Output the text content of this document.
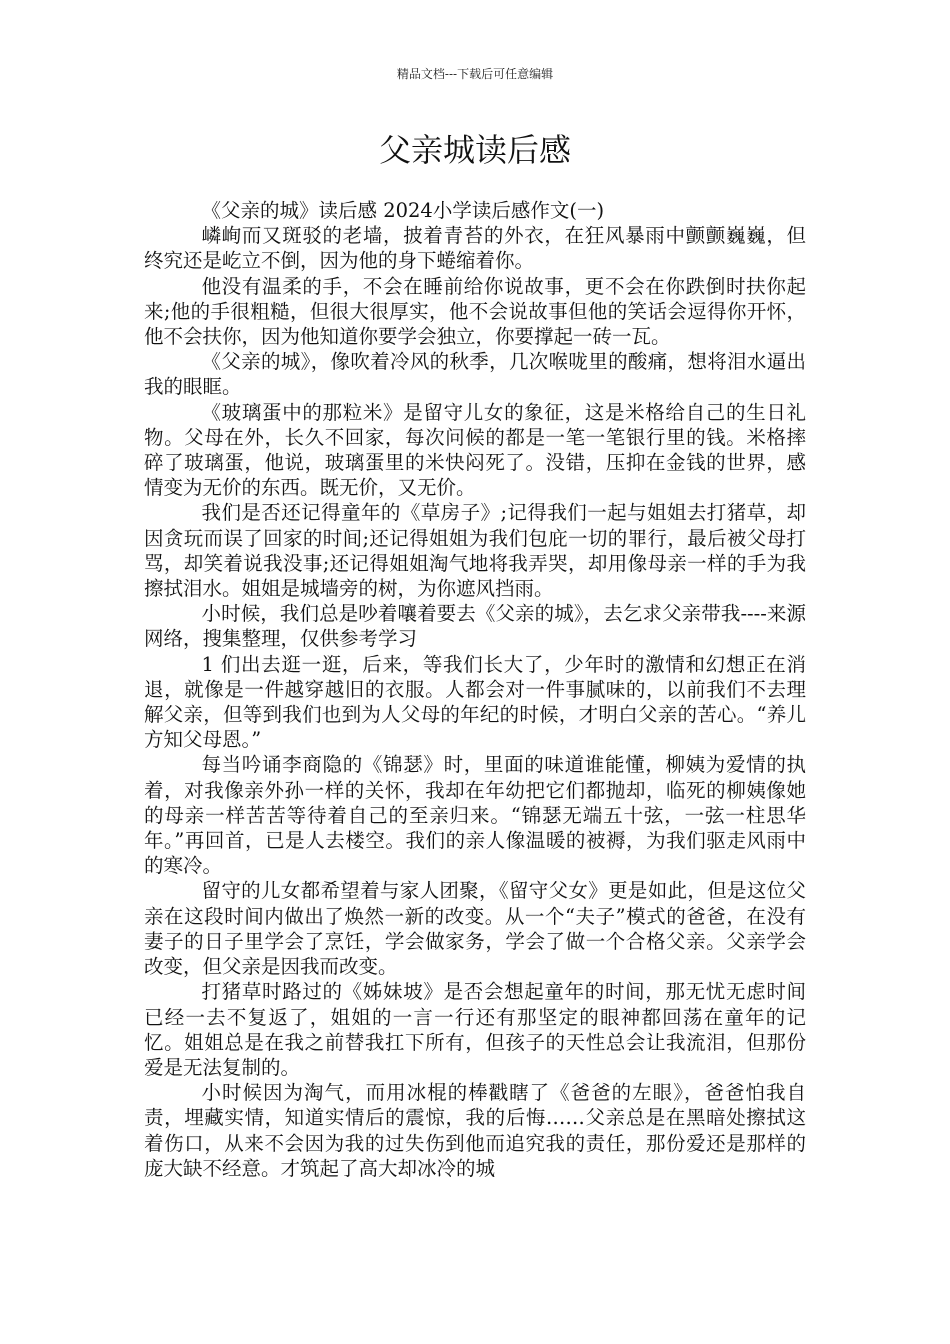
精品文档---下载后可任意编辑
父亲城读后感

《父亲的城》读后感 2024小学读后感作文(一)

嶙峋而又斑驳的老墙，披着青苔的外衣，在狂风暴雨中颤颤巍巍，但终究还是屹立不倒，因为他的身下蜷缩着你。

他没有温柔的手，不会在睡前给你说故事，更不会在你跌倒时扶你起来;他的手很粗糙，但很大很厚实，他不会说故事但他的笑话会逗得你开怀，他不会扶你，因为他知道你要学会独立，你要撑起一砖一瓦。

《父亲的城》，像吹着冷风的秋季，几次喉咙里的酸痛，想将泪水逼出我的眼眶。

《玻璃蛋中的那粒米》是留守儿女的象征，这是米格给自己的生日礼物。父母在外，长久不回家，每次问候的都是一笔一笔银行里的钱。米格摔碎了玻璃蛋，他说，玻璃蛋里的米快闷死了。没错，压抑在金钱的世界，感情变为无价的东西。既无价，又无价。

我们是否还记得童年的《草房子》;记得我们一起与姐姐去打猪草，却因贪玩而误了回家的时间;还记得姐姐为我们包庇一切的罪行，最后被父母打骂，却笑着说我没事;还记得姐姐淘气地将我弄哭，却用像母亲一样的手为我擦拭泪水。姐姐是城墙旁的树，为你遮风挡雨。

小时候，我们总是吵着嚷着要去《父亲的城》，去乞求父亲带我----来源网络，搜集整理，仅供参考学习

1 们出去逛一逛，后来，等我们长大了，少年时的激情和幻想正在消退，就像是一件越穿越旧的衣服。人都会对一件事腻味的，以前我们不去理解父亲，但等到我们也到为人父母的年纪的时候，才明白父亲的苦心。“养儿方知父母恩。”

每当吟诵李商隐的《锦瑟》时，里面的味道谁能懂，柳姨为爱情的执着，对我像亲外孙一样的关怀，我却在年幼把它们都抛却，临死的柳姨像她的母亲一样苦苦等待着自己的至亲归来。“锦瑟无端五十弦，一弦一柱思华年。”再回首，已是人去楼空。我们的亲人像温暖的被褥，为我们驱走风雨中的寒冷。

留守的儿女都希望着与家人团聚，《留守父女》更是如此，但是这位父亲在这段时间内做出了焕然一新的改变。从一个“夫子”模式的爸爸，在没有妻子的日子里学会了烹饪，学会做家务，学会了做一个合格父亲。父亲学会改变，但父亲是因我而改变。

打猪草时路过的《姊妹坡》是否会想起童年的时间，那无忧无虑时间已经一去不复返了，姐姐的一言一行还有那坚定的眼神都回荡在童年的记忆。姐姐总是在我之前替我扛下所有，但孩子的天性总会让我流泪，但那份爱是无法复制的。

小时候因为淘气，而用冰棍的棒戳瞎了《爸爸的左眼》，爸爸怕我自责，埋藏实情，知道实情后的震惊，我的后悔……父亲总是在黑暗处擦拭这着伤口，从来不会因为我的过失伤到他而追究我的责任，那份爱还是那样的庞大缺不经意。才筑起了高大却冰冷的城
